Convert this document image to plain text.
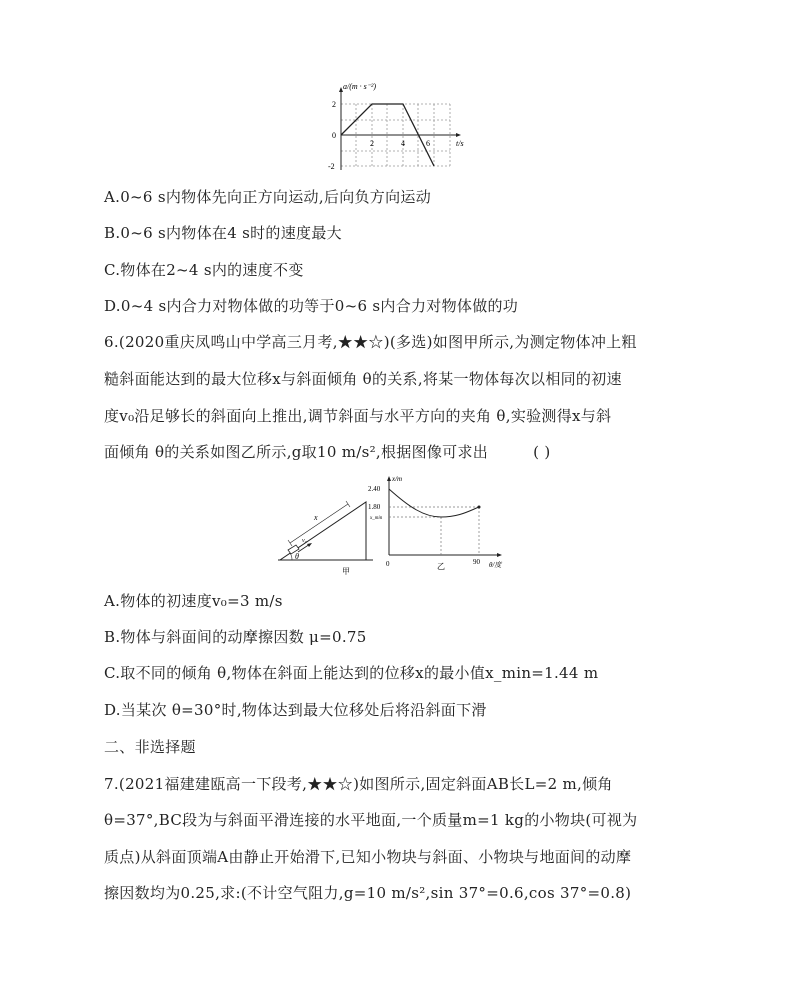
a/(m · s⁻²)
t/s
2
0
-2
2	4	6
A.0~6 s内物体先向正方向运动,后向负方向运动
B.0~6 s内物体在4 s时的速度最大
C.物体在2~4 s内的速度不变
D.0~4 s内合力对物体做的功等于0~6 s内合力对物体做的功
6.(2020重庆凤鸣山中学高三月考,★★☆)(多选)如图甲所示,为测定物体冲上粗
糙斜面能达到的最大位移x与斜面倾角 θ的关系,将某一物体每次以相同的初速
度v₀沿足够长的斜面向上推出,调节斜面与水平方向的夹角 θ,实验测得x与斜
面倾角 θ的关系如图乙所示,g取10 m/s²,根据图像可求出	( )
x
v₀
θ
甲
x/m
2.40
1.80
x_min
0	90 θ/度
乙
A.物体的初速度v₀=3 m/s
B.物体与斜面间的动摩擦因数 μ=0.75
C.取不同的倾角 θ,物体在斜面上能达到的位移x的最小值x_min=1.44 m
D.当某次 θ=30°时,物体达到最大位移处后将沿斜面下滑
二、非选择题
7.(2021福建建瓯高一下段考,★★☆)如图所示,固定斜面AB长L=2 m,倾角
θ=37°,BC段为与斜面平滑连接的水平地面,一个质量m=1 kg的小物块(可视为
质点)从斜面顶端A由静止开始滑下,已知小物块与斜面、小物块与地面间的动摩
擦因数均为0.25,求:(不计空气阻力,g=10 m/s²,sin 37°=0.6,cos 37°=0.8)
